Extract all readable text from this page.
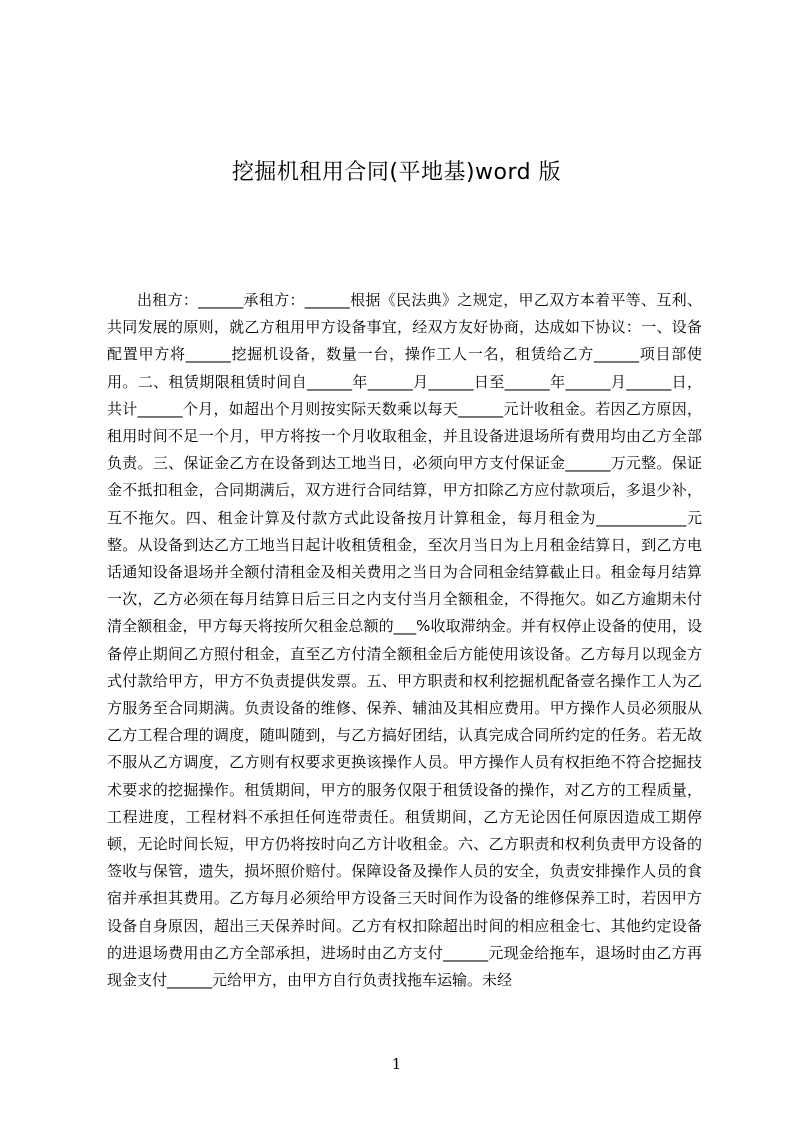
挖掘机租用合同(平地基)word 版

出租方：______承租方：______根据《民法典》之规定，甲乙双方本着平等、互利、共同发展的原则，就乙方租用甲方设备事宜，经双方友好协商，达成如下协议：一、设备配置甲方将______挖掘机设备，数量一台，操作工人一名，租赁给乙方______项目部使用。二、租赁期限租赁时间自______年______月______日至______年______月______日，共计______个月，如超出个月则按实际天数乘以每天______元计收租金。若因乙方原因，租用时间不足一个月，甲方将按一个月收取租金，并且设备进退场所有费用均由乙方全部负责。三、保证金乙方在设备到达工地当日，必须向甲方支付保证金______万元整。保证金不抵扣租金，合同期满后，双方进行合同结算，甲方扣除乙方应付款项后，多退少补，互不拖欠。四、租金计算及付款方式此设备按月计算租金，每月租金为____________元整。从设备到达乙方工地当日起计收租赁租金，至次月当日为上月租金结算日，到乙方电话通知设备退场并全额付清租金及相关费用之当日为合同租金结算截止日。租金每月结算一次，乙方必须在每月结算日后三日之内支付当月全额租金，不得拖欠。如乙方逾期未付清全额租金，甲方每天将按所欠租金总额的___%收取滞纳金。并有权停止设备的使用，设备停止期间乙方照付租金，直至乙方付清全额租金后方能使用该设备。乙方每月以现金方式付款给甲方，甲方不负责提供发票。五、甲方职责和权利挖掘机配备壹名操作工人为乙方服务至合同期满。负责设备的维修、保养、辅油及其相应费用。甲方操作人员必须服从乙方工程合理的调度，随叫随到，与乙方搞好团结，认真完成合同所约定的任务。若无故不服从乙方调度，乙方则有权要求更换该操作人员。甲方操作人员有权拒绝不符合挖掘技术要求的挖掘操作。租赁期间，甲方的服务仅限于租赁设备的操作，对乙方的工程质量，工程进度，工程材料不承担任何连带责任。租赁期间，乙方无论因任何原因造成工期停顿，无论时间长短，甲方仍将按时向乙方计收租金。六、乙方职责和权利负责甲方设备的签收与保管，遗失，损坏照价赔付。保障设备及操作人员的安全，负责安排操作人员的食宿并承担其费用。乙方每月必须给甲方设备三天时间作为设备的维修保养工时，若因甲方设备自身原因，超出三天保养时间。乙方有权扣除超出时间的相应租金七、其他约定设备的进退场费用由乙方全部承担，进场时由乙方支付______元现金给拖车，退场时由乙方再现金支付______元给甲方，由甲方自行负责找拖车运输。未经

1
